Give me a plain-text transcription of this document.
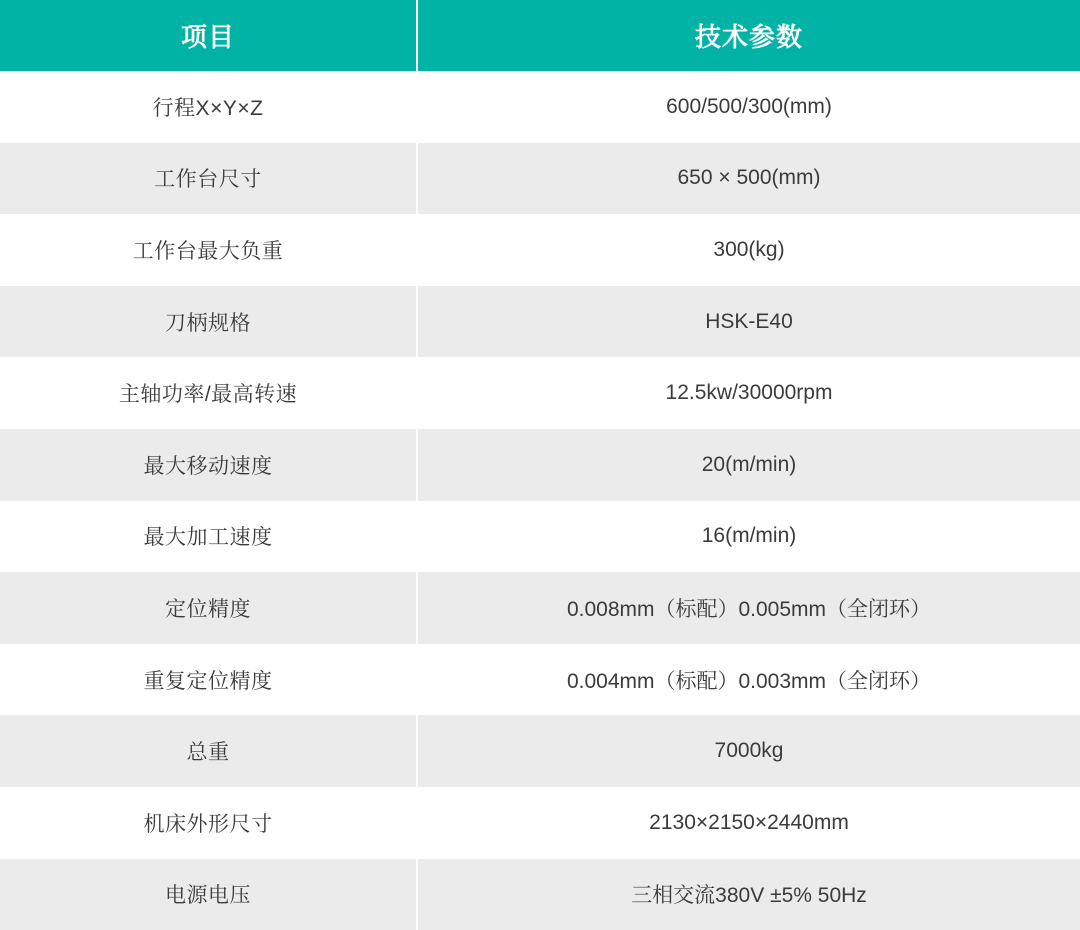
项目	技术参数
行程X×Y×Z	600/500/300(mm)
工作台尺寸	650 × 500(mm)
工作台最大负重	300(kg)
刀柄规格	HSK-E40
主轴功率/最高转速	12.5kw/30000rpm
最大移动速度	20(m/min)
最大加工速度	16(m/min)
定位精度	0.008mm（标配）0.005mm（全闭环）
重复定位精度	0.004mm（标配）0.003mm（全闭环）
总重	7000kg
机床外形尺寸	2130×2150×2440mm
电源电压	三相交流380V ±5% 50Hz
